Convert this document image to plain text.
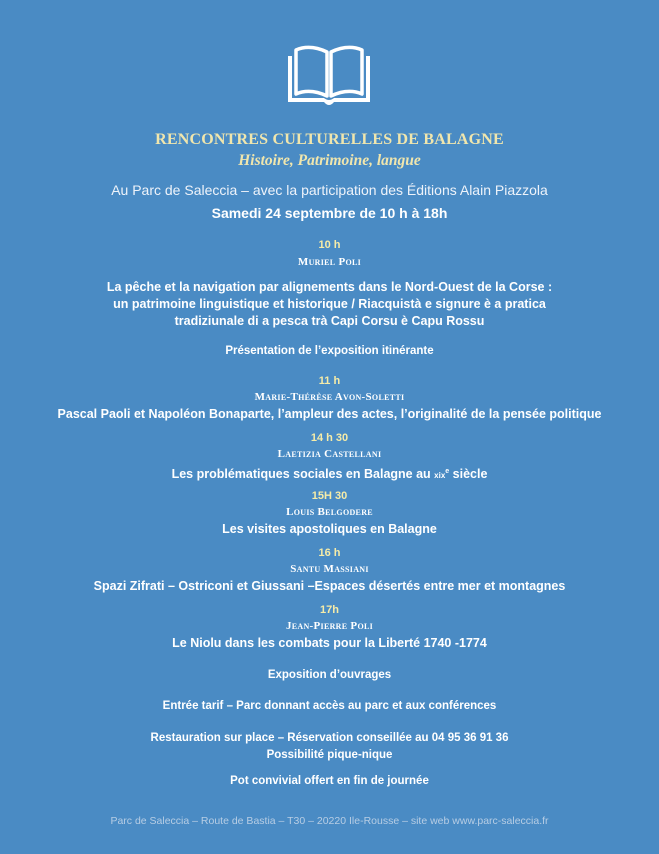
RENCONTRES CULTURELLES DE BALAGNE
Histoire, Patrimoine, langue
Au Parc de Saleccia – avec la participation des Éditions Alain Piazzola
Samedi 24 septembre de 10 h à 18h
10 h
Muriel Poli
La pêche et la navigation par alignements dans le Nord-Ouest de la Corse :
un patrimoine linguistique et historique / Riacquistà e signure è a pratica
tradiziunale di a pesca trà Capi Corsu è Capu Rossu
Présentation de l’exposition itinérante
11 h
Marie-Thérèse Avon-Soletti
Pascal Paoli et Napoléon Bonaparte, l’ampleur des actes, l’originalité de la pensée politique
14 h 30
Laetizia Castellani
Les problématiques sociales en Balagne au xix$^e$ siècle
15H 30
Louis Belgodere
Les visites apostoliques en Balagne
16 h
Santu Massiani
Spazi Zifrati – Ostriconi et Giussani –Espaces désertés entre mer et montagnes
17h
Jean-Pierre Poli
Le Niolu dans les combats pour la Liberté 1740 -1774
Exposition d’ouvrages
Entrée tarif – Parc donnant accès au parc et aux conférences
Restauration sur place – Réservation conseillée au 04 95 36 91 36
Possibilité pique-nique
Pot convivial offert en fin de journée
Parc de Saleccia – Route de Bastia – T30 – 20220 Ile-Rousse – site web www.parc-saleccia.fr
